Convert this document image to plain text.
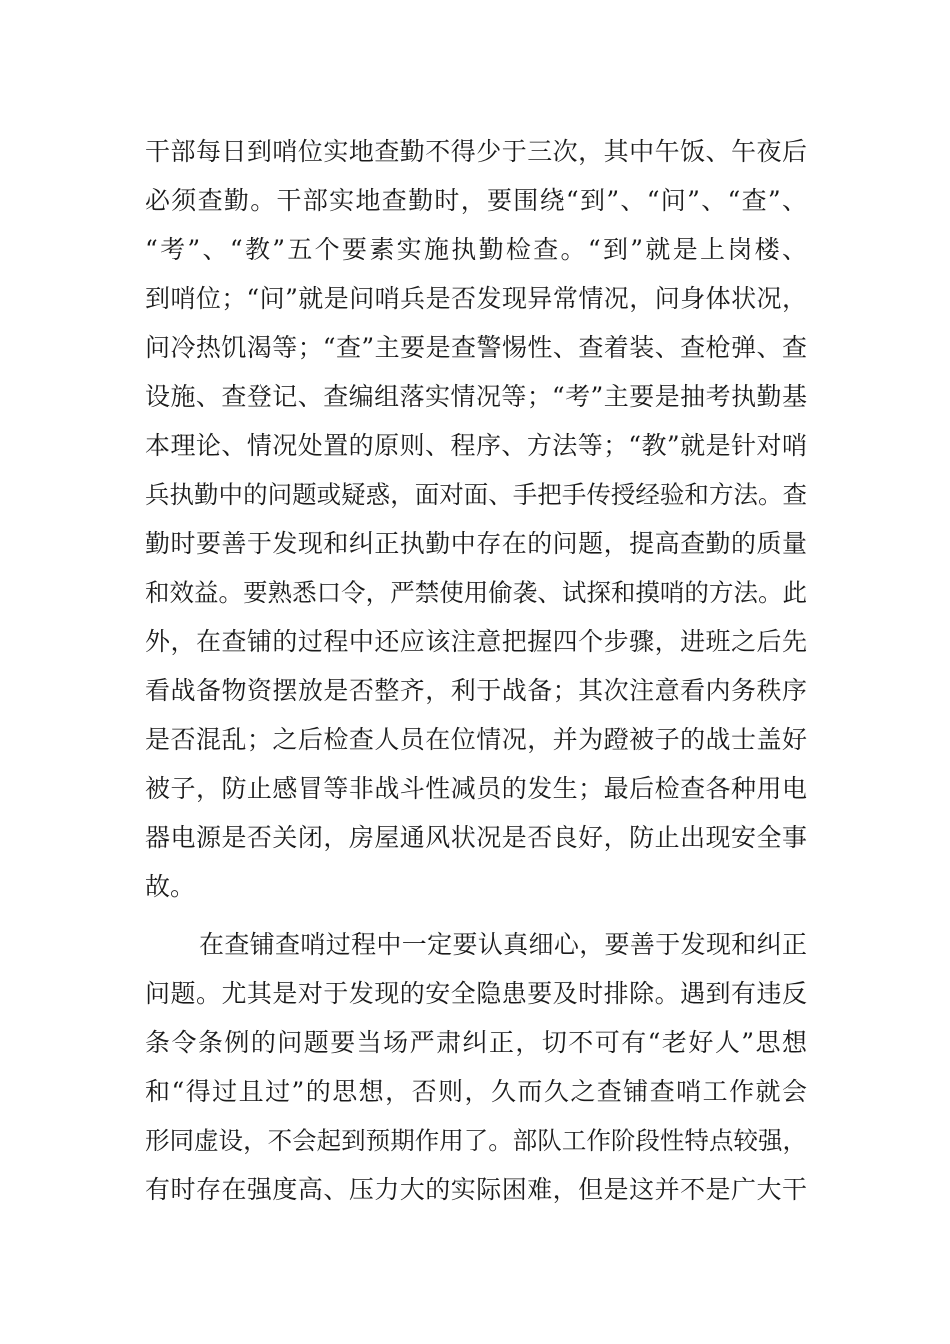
干部每日到哨位实地查勤不得少于三次，其中午饭、午夜后
必须查勤。干部实地查勤时，要围绕“到”、“问”、“查”、
“考”、“教”五个要素实施执勤检查。“到”就是上岗楼、
到哨位；“问”就是问哨兵是否发现异常情况，问身体状况，
问冷热饥渴等；“查”主要是查警惕性、查着装、查枪弹、查
设施、查登记、查编组落实情况等；“考”主要是抽考执勤基
本理论、情况处置的原则、程序、方法等；“教”就是针对哨
兵执勤中的问题或疑惑，面对面、手把手传授经验和方法。查
勤时要善于发现和纠正执勤中存在的问题，提高查勤的质量
和效益。要熟悉口令，严禁使用偷袭、试探和摸哨的方法。此
外，在查铺的过程中还应该注意把握四个步骤，进班之后先
看战备物资摆放是否整齐，利于战备；其次注意看内务秩序
是否混乱；之后检查人员在位情况，并为蹬被子的战士盖好
被子，防止感冒等非战斗性减员的发生；最后检查各种用电
器电源是否关闭，房屋通风状况是否良好，防止出现安全事
故。
在查铺查哨过程中一定要认真细心，要善于发现和纠正
问题。尤其是对于发现的安全隐患要及时排除。遇到有违反
条令条例的问题要当场严肃纠正，切不可有“老好人”思想
和“得过且过”的思想，否则，久而久之查铺查哨工作就会
形同虚设，不会起到预期作用了。部队工作阶段性特点较强，
有时存在强度高、压力大的实际困难，但是这并不是广大干
